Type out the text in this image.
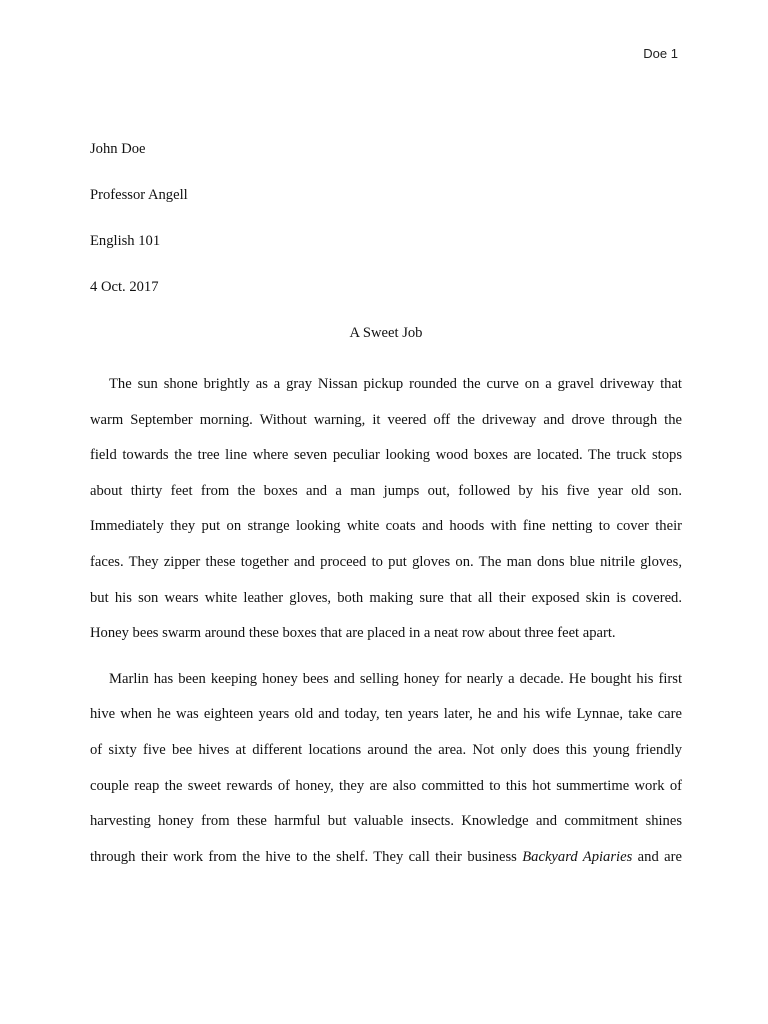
Doe 1

John Doe

Professor Angell

English 101

4 Oct. 2017

A Sweet Job

The sun shone brightly as a gray Nissan pickup rounded the curve on a gravel driveway that
warm September morning. Without warning, it veered off the driveway and drove through the
field towards the tree line where seven peculiar looking wood boxes are located. The truck stops
about thirty feet from the boxes and a man jumps out, followed by his five year old son.
Immediately they put on strange looking white coats and hoods with fine netting to cover their
faces. They zipper these together and proceed to put gloves on. The man dons blue nitrile gloves,
but his son wears white leather gloves, both making sure that all their exposed skin is covered.
Honey bees swarm around these boxes that are placed in a neat row about three feet apart.
Marlin has been keeping honey bees and selling honey for nearly a decade. He bought his first
hive when he was eighteen years old and today, ten years later, he and his wife Lynnae, take care
of sixty five bee hives at different locations around the area. Not only does this young friendly
couple reap the sweet rewards of honey, they are also committed to this hot summertime work of
harvesting honey from these harmful but valuable insects. Knowledge and commitment shines
through their work from the hive to the shelf. They call their business Backyard Apiaries and are
